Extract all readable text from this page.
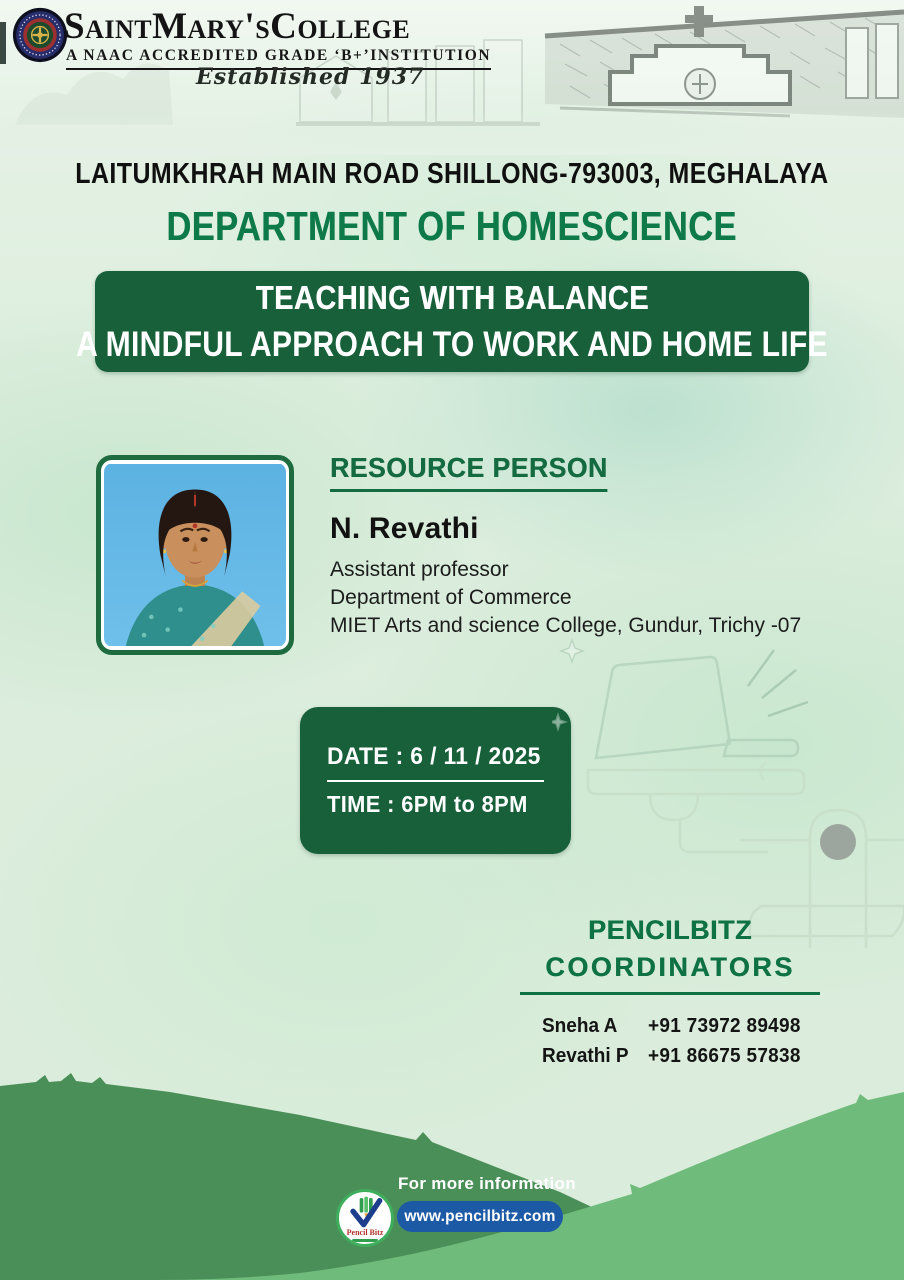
SaintMary'sCollege
A NAAC ACCREDITED GRADE ‘B+’INSTITUTION
Established 1937
LAITUMKHRAH MAIN ROAD SHILLONG-793003, MEGHALAYA
DEPARTMENT OF HOMESCIENCE
TEACHING WITH BALANCE
A MINDFUL APPROACH TO WORK AND HOME LIFE
RESOURCE PERSON
N. Revathi
Assistant professor
Department of Commerce
MIET Arts and science College, Gundur, Trichy -07
DATE : 6 / 11 / 2025
TIME : 6PM to 8PM
PENCILBITZ
COORDINATORS
Sneha A	+91 73972 89498
Revathi P +91 86675 57838
Pencil Bitz
For more information
www.pencilbitz.com
